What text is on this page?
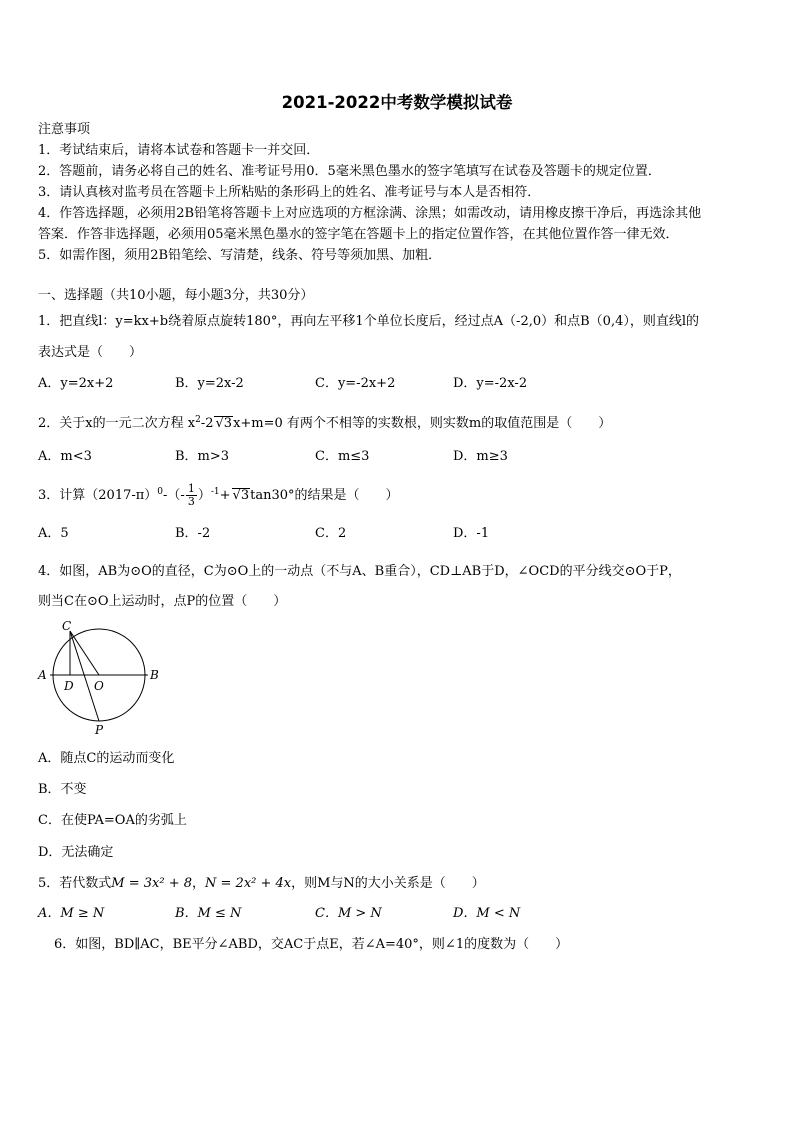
2021-2022中考数学模拟试卷
注意事项
1．考试结束后，请将本试卷和答题卡一并交回．
2．答题前，请务必将自己的姓名、准考证号用0．5毫米黑色墨水的签字笔填写在试卷及答题卡的规定位置．
3．请认真核对监考员在答题卡上所粘贴的条形码上的姓名、准考证号与本人是否相符．
4．作答选择题，必须用2B铅笔将答题卡上对应选项的方框涂满、涂黑；如需改动，请用橡皮擦干净后，再选涂其他
答案．作答非选择题，必须用05毫米黑色墨水的签字笔在答题卡上的指定位置作答，在其他位置作答一律无效．
5．如需作图，须用2B铅笔绘、写清楚，线条、符号等须加黑、加粗．
一、选择题（共10小题，每小题3分，共30分）
1．把直线l：y=kx+b绕着原点旋转180°，再向左平移1个单位长度后，经过点A（-2,0）和点B（0,4），则直线l的
表达式是（　　）
A．y=2x+2	B．y=2x-2	C．y=-2x+2	D．y=-2x-2
2．关于x的一元二次方程 $x^2-2$ √3x+m=0 有两个不相等的实数根，则实数m的取值范围是（　　）
A．m<3	B．m>3	C．m≤3	D．m≥3
3．计算$(2017-\pi)^0-(- \frac{1}{3} )^{-1}+ √3\tan 30^\circ$的结果是（　　）
A．5	B．-2	C．2	D．-1
4．如图，AB为⊙O的直径，C为⊙O上的一动点（不与A、B重合），CD⊥AB于D，∠OCD的平分线交⊙O于P，
则当C在⊙O上运动时，点P的位置（　　）
C
A
D O
B
P
A．随点C的运动而变化
B．不变
C．在使PA=OA的劣弧上
D．无法确定
5．若代数式M = 3x² + 8，N = 2x² + 4x，则M与N的大小关系是（　　）
A．M ≥ N	B．M ≤ N	C．M > N	D．M < N
6．如图，BD∥AC，BE平分∠ABD，交AC于点E，若∠A=40°，则∠1的度数为（　　）
